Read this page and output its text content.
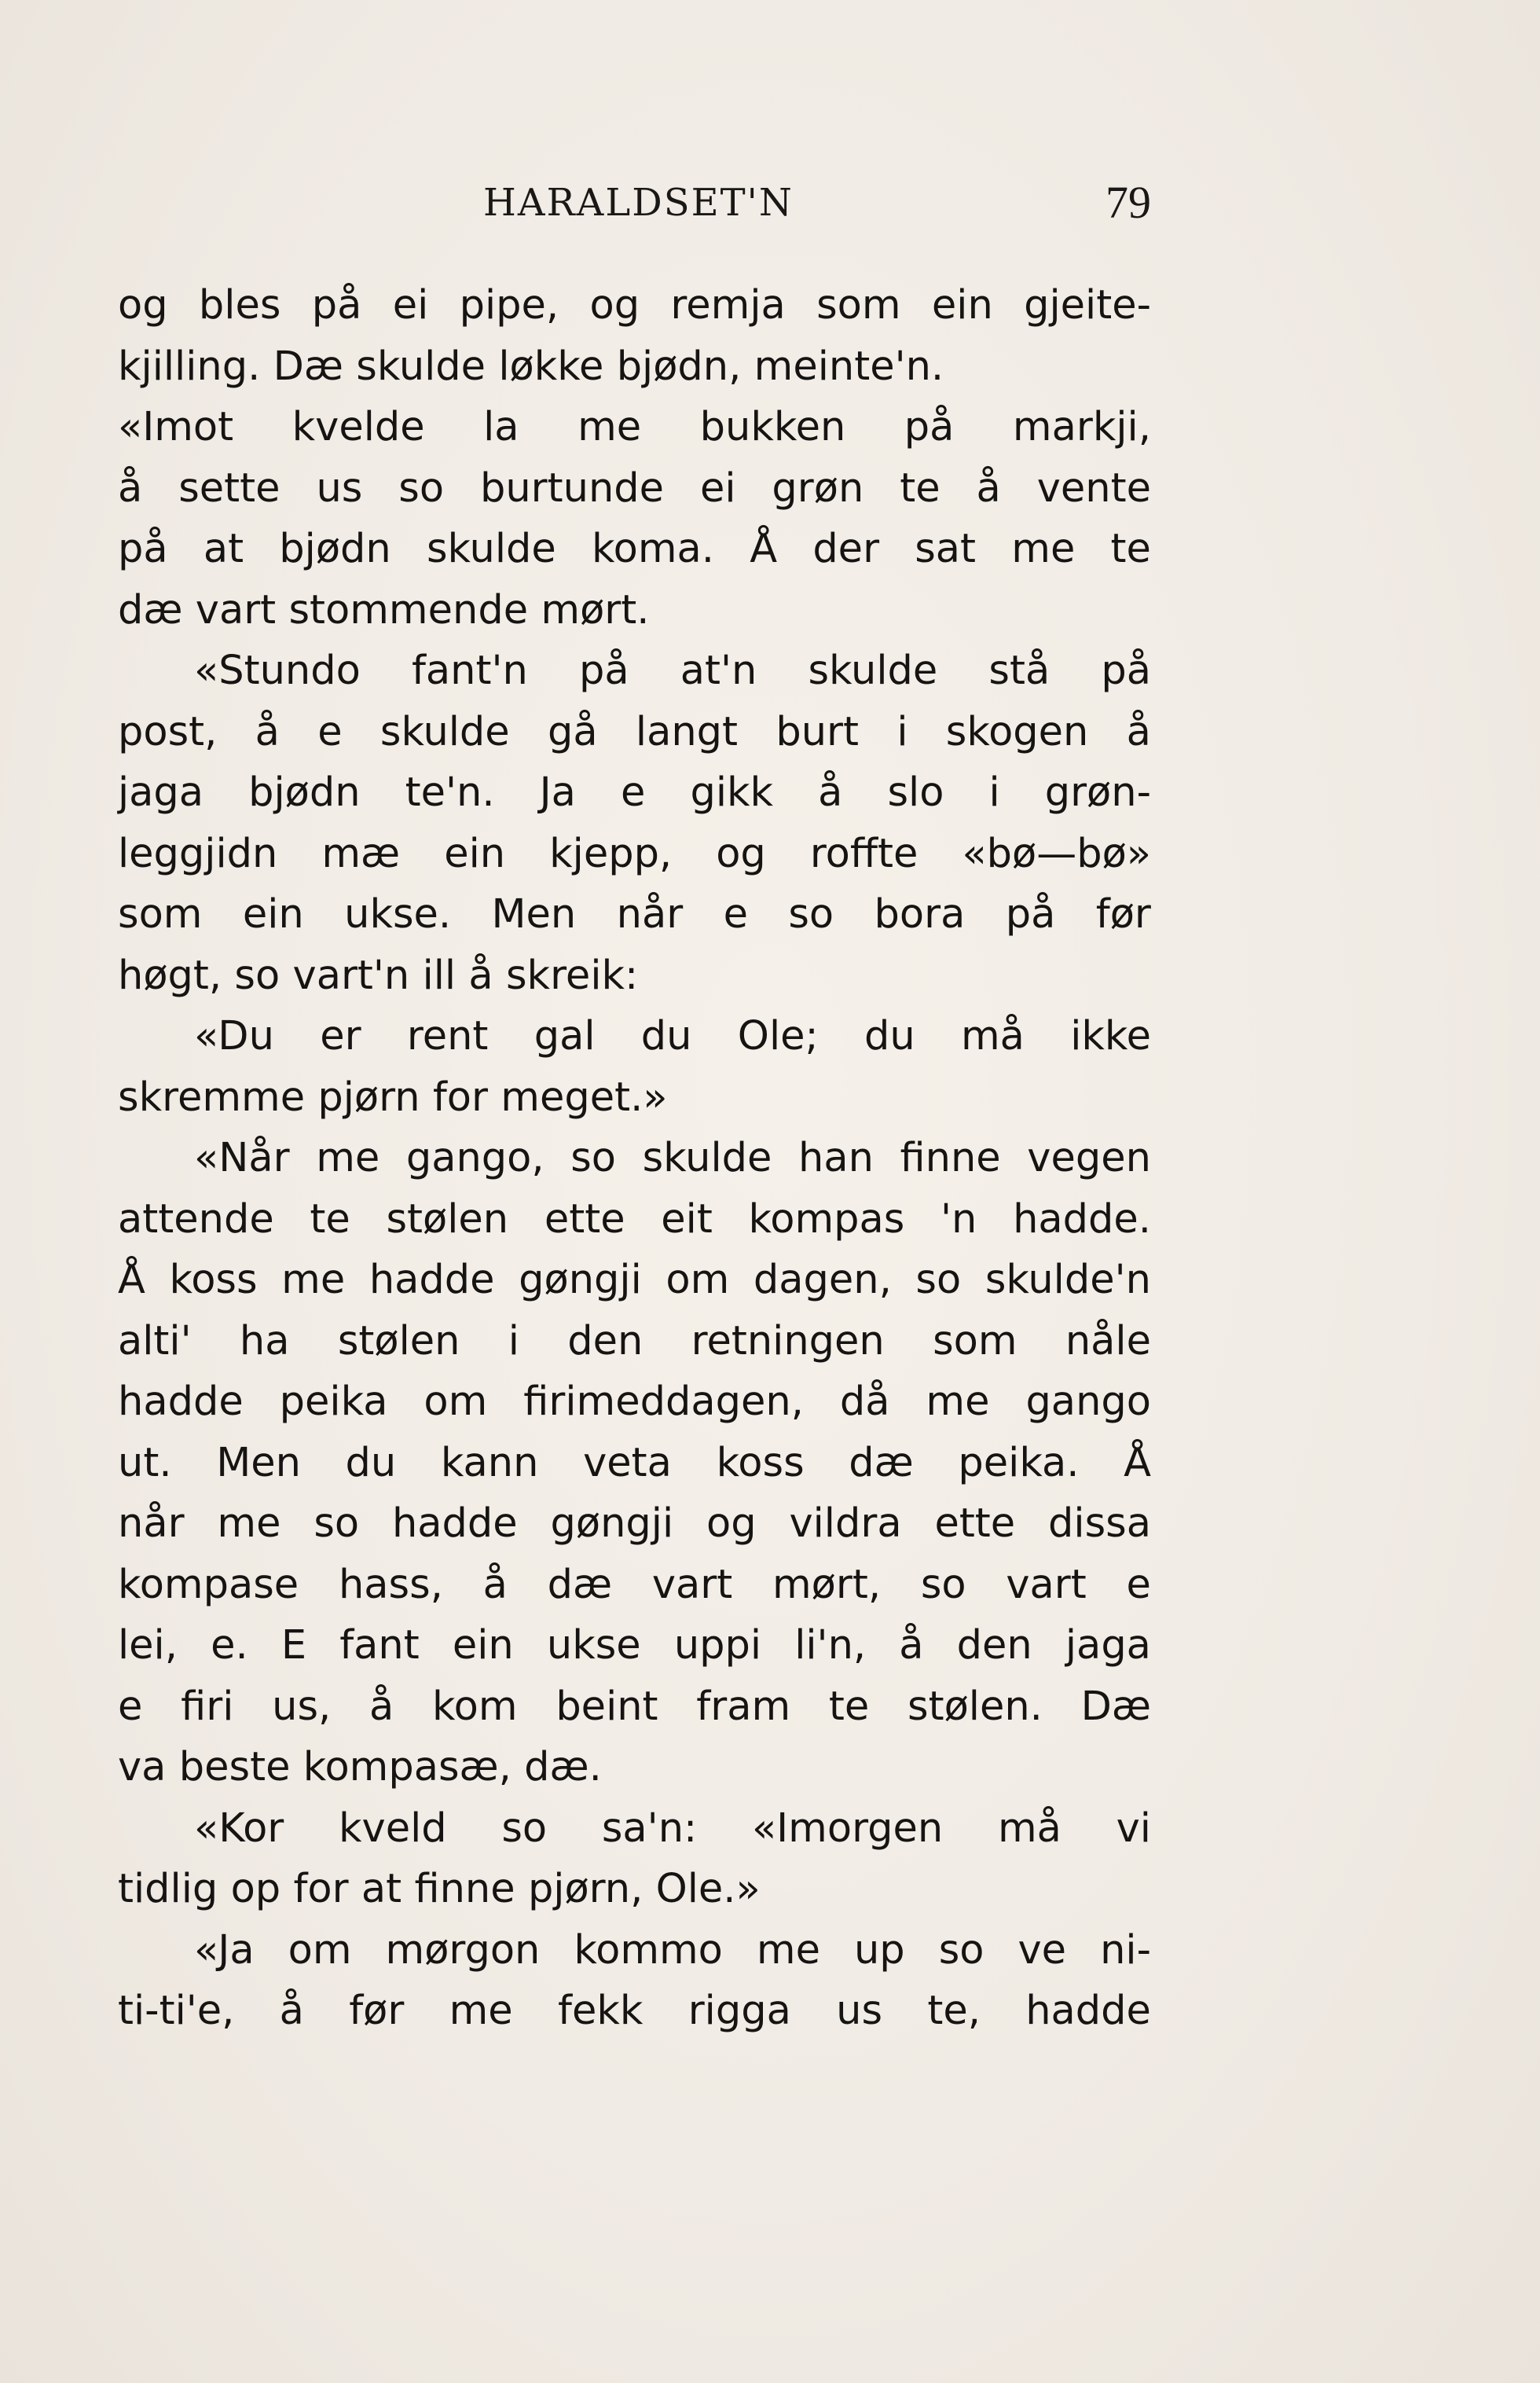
HARALDSET'N	79
og bles på ei pipe, og remja som ein gjeite-
kjilling. Dæ skulde løkke bjødn, meinte'n.
«Imot kvelde la me bukken på markji,
å sette us so burtunde ei grøn te å vente
på at bjødn skulde koma. Å der sat me te
dæ vart stommende mørt.
«Stundo fant'n på at'n skulde stå på
post, å e skulde gå langt burt i skogen å
jaga bjødn te'n. Ja e gikk å slo i grøn-
leggjidn mæ ein kjepp, og roffte «bø—bø»
som ein ukse. Men når e so bora på før
høgt, so vart'n ill å skreik:
«Du er rent gal du Ole; du må ikke
skremme pjørn for meget.»
«Når me gango, so skulde han finne vegen
attende te stølen ette eit kompas 'n hadde.
Å koss me hadde gøngji om dagen, so skulde'n
alti' ha stølen i den retningen som nåle
hadde peika om firimeddagen, då me gango
ut. Men du kann veta koss dæ peika. Å
når me so hadde gøngji og vildra ette dissa
kompase hass, å dæ vart mørt, so vart e
lei, e. E fant ein ukse uppi li'n, å den jaga
e firi us, å kom beint fram te stølen. Dæ
va beste kompasæ, dæ.
«Kor kveld so sa'n: «Imorgen må vi
tidlig op for at finne pjørn, Ole.»
«Ja om mørgon kommo me up so ve ni-
ti-ti'e, å før me fekk rigga us te, hadde
